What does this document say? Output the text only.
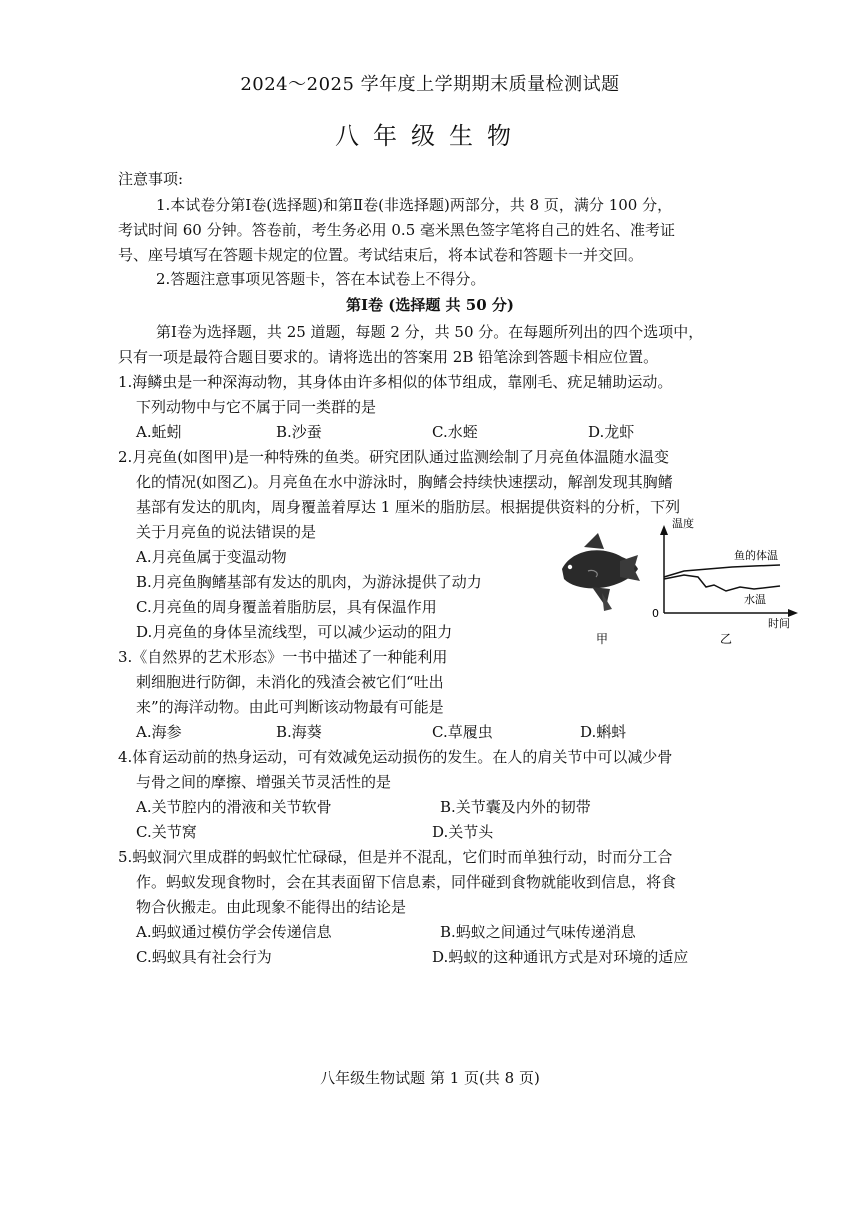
2024～2025 学年度上学期期末质量检测试题
八年级生物
注意事项:
1.本试卷分第Ⅰ卷(选择题)和第Ⅱ卷(非选择题)两部分，共 8 页，满分 100 分，
考试时间 60 分钟。答卷前，考生务必用 0.5 毫米黑色签字笔将自己的姓名、准考证
号、座号填写在答题卡规定的位置。考试结束后，将本试卷和答题卡一并交回。
2.答题注意事项见答题卡，答在本试卷上不得分。
第Ⅰ卷 (选择题 共 50 分)
第Ⅰ卷为选择题，共 25 道题，每题 2 分，共 50 分。在每题所列出的四个选项中，
只有一项是最符合题目要求的。请将选出的答案用 2B 铅笔涂到答题卡相应位置。
1.海鳞虫是一种深海动物，其身体由许多相似的体节组成，靠刚毛、疣足辅助运动。
下列动物中与它不属于同一类群的是
A.蚯蚓	B.沙蚕	C.水蛭	D.龙虾
2.月亮鱼(如图甲)是一种特殊的鱼类。研究团队通过监测绘制了月亮鱼体温随水温变
化的情况(如图乙)。月亮鱼在水中游泳时，胸鳍会持续快速摆动，解剖发现其胸鳍
基部有发达的肌肉，周身覆盖着厚达 1 厘米的脂肪层。根据提供资料的分析，下列
关于月亮鱼的说法错误的是
A.月亮鱼属于变温动物
B.月亮鱼胸鳍基部有发达的肌肉，为游泳提供了动力
C.月亮鱼的周身覆盖着脂肪层，具有保温作用
D.月亮鱼的身体呈流线型，可以减少运动的阻力	甲
温度
时间
0
鱼的体温
水温
乙
3.《自然界的艺术形态》一书中描述了一种能利用
刺细胞进行防御，未消化的残渣会被它们“吐出
来”的海洋动物。由此可判断该动物最有可能是
A.海参	B.海葵	C.草履虫	D.蝌蚪
4.体育运动前的热身运动，可有效减免运动损伤的发生。在人的肩关节中可以减少骨
与骨之间的摩擦、增强关节灵活性的是
A.关节腔内的滑液和关节软骨	B.关节囊及内外的韧带
C.关节窝	D.关节头
5.蚂蚁洞穴里成群的蚂蚁忙忙碌碌，但是并不混乱，它们时而单独行动，时而分工合
作。蚂蚁发现食物时，会在其表面留下信息素，同伴碰到食物就能收到信息，将食
物合伙搬走。由此现象不能得出的结论是
A.蚂蚁通过模仿学会传递信息	B.蚂蚁之间通过气味传递消息
C.蚂蚁具有社会行为	D.蚂蚁的这种通讯方式是对环境的适应
八年级生物试题 第 1 页(共 8 页)
